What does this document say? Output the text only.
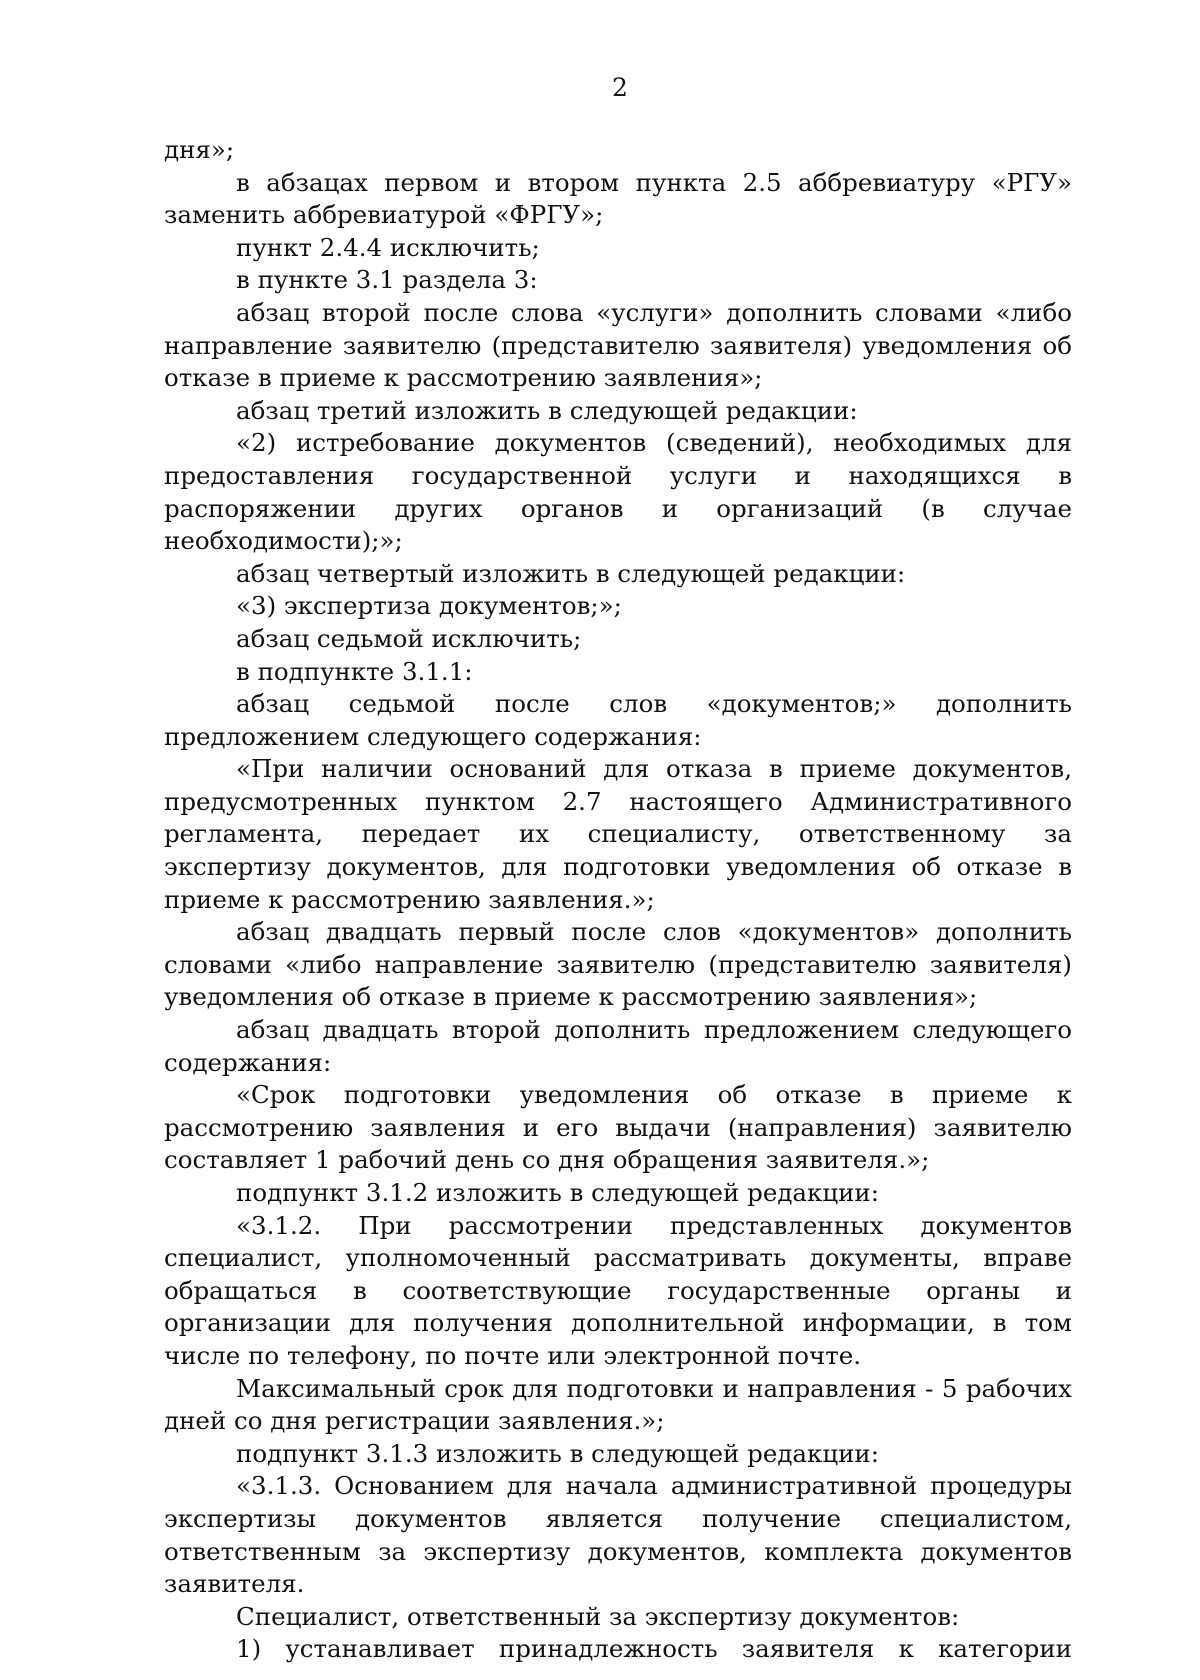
2

дня»;

в абзацах первом и втором пункта 2.5 аббревиатуру «РГУ» заменить аббревиатурой «ФРГУ»;

пункт 2.4.4 исключить;

в пункте 3.1 раздела 3:

абзац второй после слова «услуги» дополнить словами «либо направление заявителю (представителю заявителя) уведомления об отказе в приеме к рассмотрению заявления»;

абзац третий изложить в следующей редакции:

«2) истребование документов (сведений), необходимых для предоставления государственной услуги и находящихся в распоряжении других органов и организаций (в случае необходимости);»;

абзац четвертый изложить в следующей редакции:

«3) экспертиза документов;»;

абзац седьмой исключить;

в подпункте 3.1.1:

абзац седьмой после слов «документов;» дополнить предложением следующего содержания:

«При наличии оснований для отказа в приеме документов, предусмотренных пунктом 2.7 настоящего Административного регламента, передает их специалисту, ответственному за экспертизу документов, для подготовки уведомления об отказе в приеме к рассмотрению заявления.»;

абзац двадцать первый после слов «документов» дополнить словами «либо направление заявителю (представителю заявителя) уведомления об отказе в приеме к рассмотрению заявления»;

абзац двадцать второй дополнить предложением следующего содержания:

«Срок подготовки уведомления об отказе в приеме к рассмотрению заявления и его выдачи (направления) заявителю составляет 1 рабочий день со дня обращения заявителя.»;

подпункт 3.1.2 изложить в следующей редакции:

«3.1.2. При рассмотрении представленных документов специалист, уполномоченный рассматривать документы, вправе обращаться в соответствующие государственные органы и организации для получения дополнительной информации, в том числе по телефону, по почте или электронной почте.

Максимальный срок для подготовки и направления - 5 рабочих дней со дня регистрации заявления.»;

подпункт 3.1.3 изложить в следующей редакции:

«3.1.3. Основанием для начала административной процедуры экспертизы документов является получение специалистом, ответственным за экспертизу документов, комплекта документов заявителя.

Специалист, ответственный за экспертизу документов:

1) устанавливает принадлежность заявителя к категории
